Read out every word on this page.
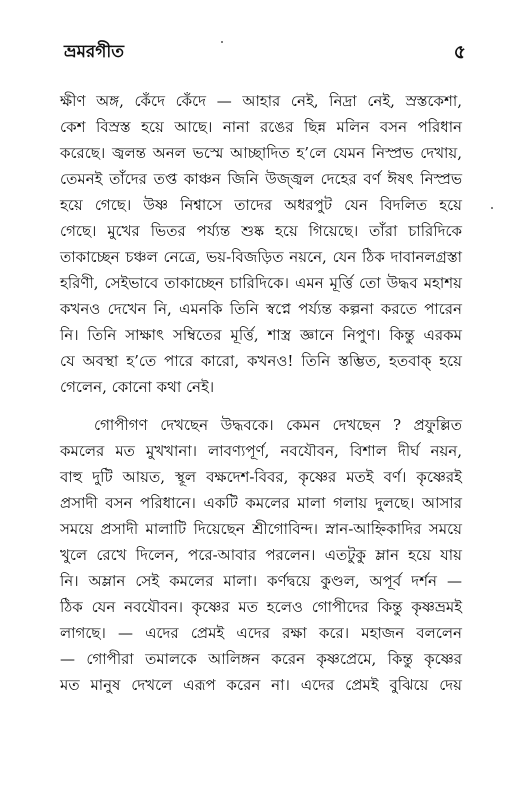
ভ্রমরগীত	৫

ক্ষীণ অঙ্গ, কেঁদে কেঁদে — আহার নেই, নিদ্রা নেই, স্রস্তকেশা,
কেশ বিস্রস্ত হয়ে আছে। নানা রঙের ছিন্ন মলিন বসন পরিধান
করেছে। জ্বলন্ত অনল ভস্মে আচ্ছাদিত হ’লে যেমন নিস্প্রভ দেখায়,
তেমনই তাঁদের তপ্ত কাঞ্চন জিনি উজ্জ্বল দেহের বর্ণ ঈষৎ নিস্প্রভ
হয়ে গেছে। উষ্ণ নিশ্বাসে তাদের অধরপুট যেন বিদলিত হয়ে
গেছে। মুখের ভিতর পর্য্যন্ত শুষ্ক হয়ে গিয়েছে। তাঁরা চারিদিকে
তাকাচ্ছেন চঞ্চল নেত্রে, ভয়-বিজড়িত নয়নে, যেন ঠিক দাবানলগ্রস্তা
হরিণী, সেইভাবে তাকাচ্ছেন চারিদিকে। এমন মূর্ত্তি তো উদ্ধব মহাশয়
কখনও দেখেন নি, এমনকি তিনি স্বপ্নে পর্য্যন্ত কল্পনা করতে পারেন
নি। তিনি সাক্ষাৎ সম্বিতের মূর্ত্তি, শাস্ত্র জ্ঞানে নিপুণ। কিন্তু এরকম
যে অবস্থা হ’তে পারে কারো, কখনও! তিনি স্তম্ভিত, হতবাক্ হয়ে
গেলেন, কোনো কথা নেই।

গোপীগণ দেখছেন উদ্ধবকে। কেমন দেখছেন ? প্রফুল্লিত
কমলের মত মুখখানা। লাবণ্যপূর্ণ, নবযৌবন, বিশাল দীর্ঘ নয়ন,
বাহু দুটি আয়ত, স্থূল বক্ষদেশ-বিবর, কৃষ্ণের মতই বর্ণ। কৃষ্ণেরই
প্রসাদী বসন পরিধানে। একটি কমলের মালা গলায় দুলছে। আসার
সময়ে প্রসাদী মালাটি দিয়েছেন শ্রীগোবিন্দ। স্নান-আহ্নিকাদির সময়ে
খুলে রেখে দিলেন, পরে-আবার পরলেন। এতটুকু ম্লান হয়ে যায়
নি। অম্লান সেই কমলের মালা। কর্ণদ্বয়ে কুণ্ডল, অপূর্ব দর্শন —
ঠিক যেন নবযৌবন। কৃষ্ণের মত হলেও গোপীদের কিন্তু কৃষ্ণভ্রমই
লাগছে। — এদের প্রেমই এদের রক্ষা করে। মহাজন বললেন
— গোপীরা তমালকে আলিঙ্গন করেন কৃষ্ণপ্রেমে, কিন্তু কৃষ্ণের
মত মানুষ দেখলে এরূপ করেন না। এদের প্রেমই বুঝিয়ে দেয়
